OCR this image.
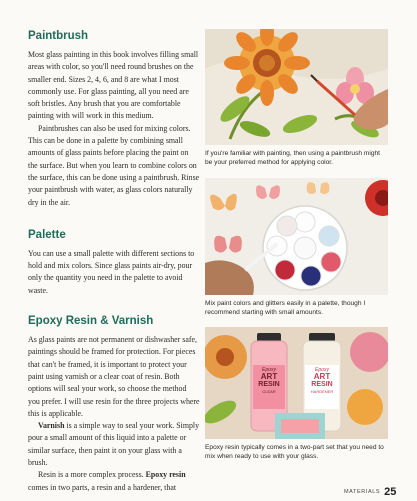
Paintbrush

Most glass painting in this book involves filling small areas with color, so you'll need round brushes on the smaller end. Sizes 2, 4, 6, and 8 are what I most commonly use. For glass painting, all you need are soft bristles. Any brush that you are comfortable painting with will work in this medium.

Paintbrushes can also be used for mixing colors. This can be done in a palette by combining small amounts of glass paints before placing the paint on the surface. But when you learn to combine colors on the surface, this can be done using a paintbrush. Rinse your paintbrush with water, as glass colors naturally dry in the air.

Palette

You can use a small palette with different sections to hold and mix colors. Since glass paints air-dry, pour only the quantity you need in the palette to avoid waste.

Epoxy Resin & Varnish

As glass paints are not permanent or dishwasher safe, paintings should be framed for protection. For pieces that can't be framed, it is important to protect your paint using varnish or a clear coat of resin. Both options will seal your work, so choose the method you prefer. I will use resin for the three projects where this is applicable.

Varnish is a simple way to seal your work. Simply pour a small amount of this liquid into a palette or similar surface, then paint it on your glass with a brush.

Resin is a more complex process. Epoxy resin comes in two parts, a resin and a hardener, that

If you're familiar with painting, then using a paintbrush might be your preferred method for applying color.
Mix paint colors and glitters easily in a palette, though I recommend starting with small amounts.
Epoxy
ART
RESIN
CLEAR
Epoxy
ART
RESIN
HARDENER
Epoxy resin typically comes in a two-part set that you need to mix when ready to use with your glass.
MATERIALS 25
